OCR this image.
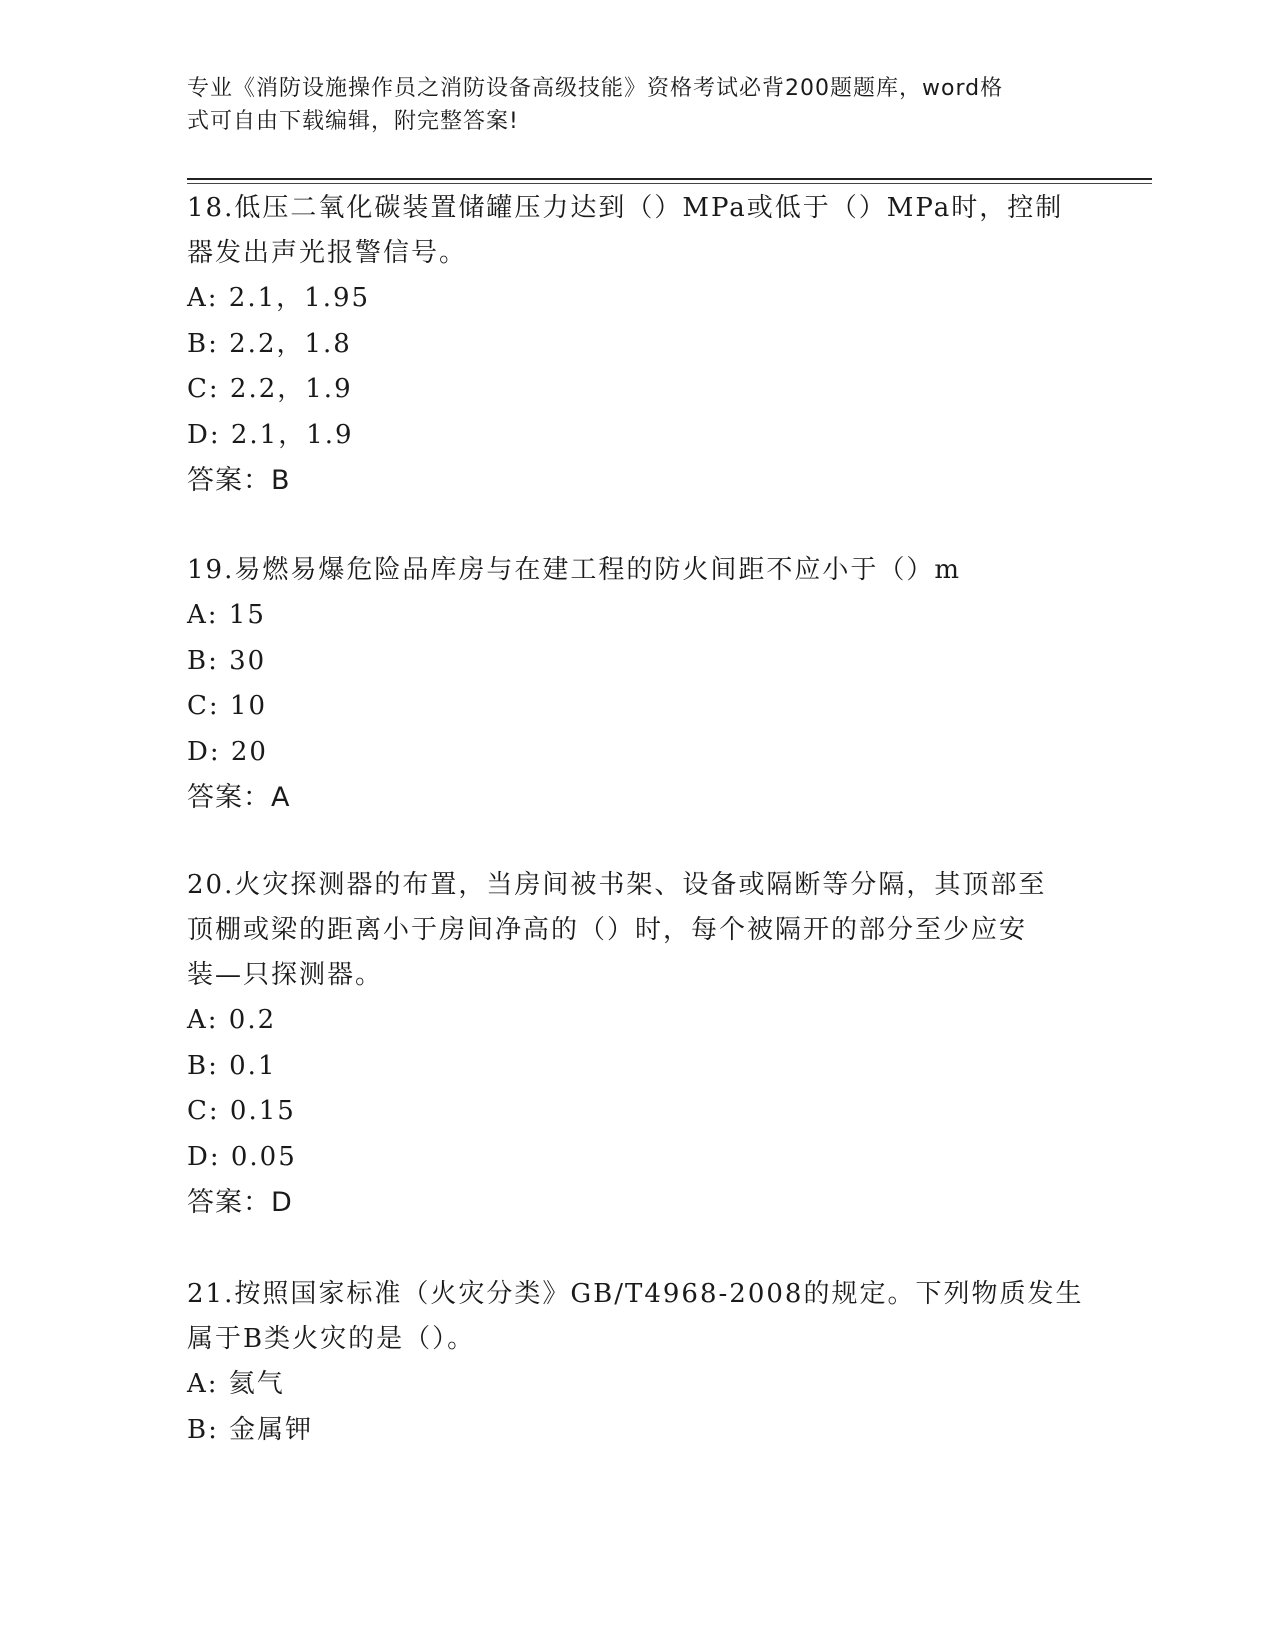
专业《消防设施操作员之消防设备高级技能》资格考试必背200题题库，word格
式可自由下载编辑，附完整答案!
18.低压二氧化碳装置储罐压力达到（）MPa或低于（）MPa时，控制
器发出声光报警信号。
A: 2.1，1.95
B: 2.2，1.8
C: 2.2，1.9
D: 2.1，1.9
答案：B
19.易燃易爆危险品库房与在建工程的防火间距不应小于（）m
A: 15
B: 30
C: 10
D: 20
答案：A
20.火灾探测器的布置，当房间被书架、设备或隔断等分隔，其顶部至
顶棚或梁的距离小于房间净高的（）时，每个被隔开的部分至少应安
装—只探测器。
A: 0.2
B: 0.1
C: 0.15
D: 0.05
答案：D
21.按照国家标准（火灾分类》GB/T4968-2008的规定。下列物质发生
属于B类火灾的是（）。
A: 氦气
B: 金属钾
